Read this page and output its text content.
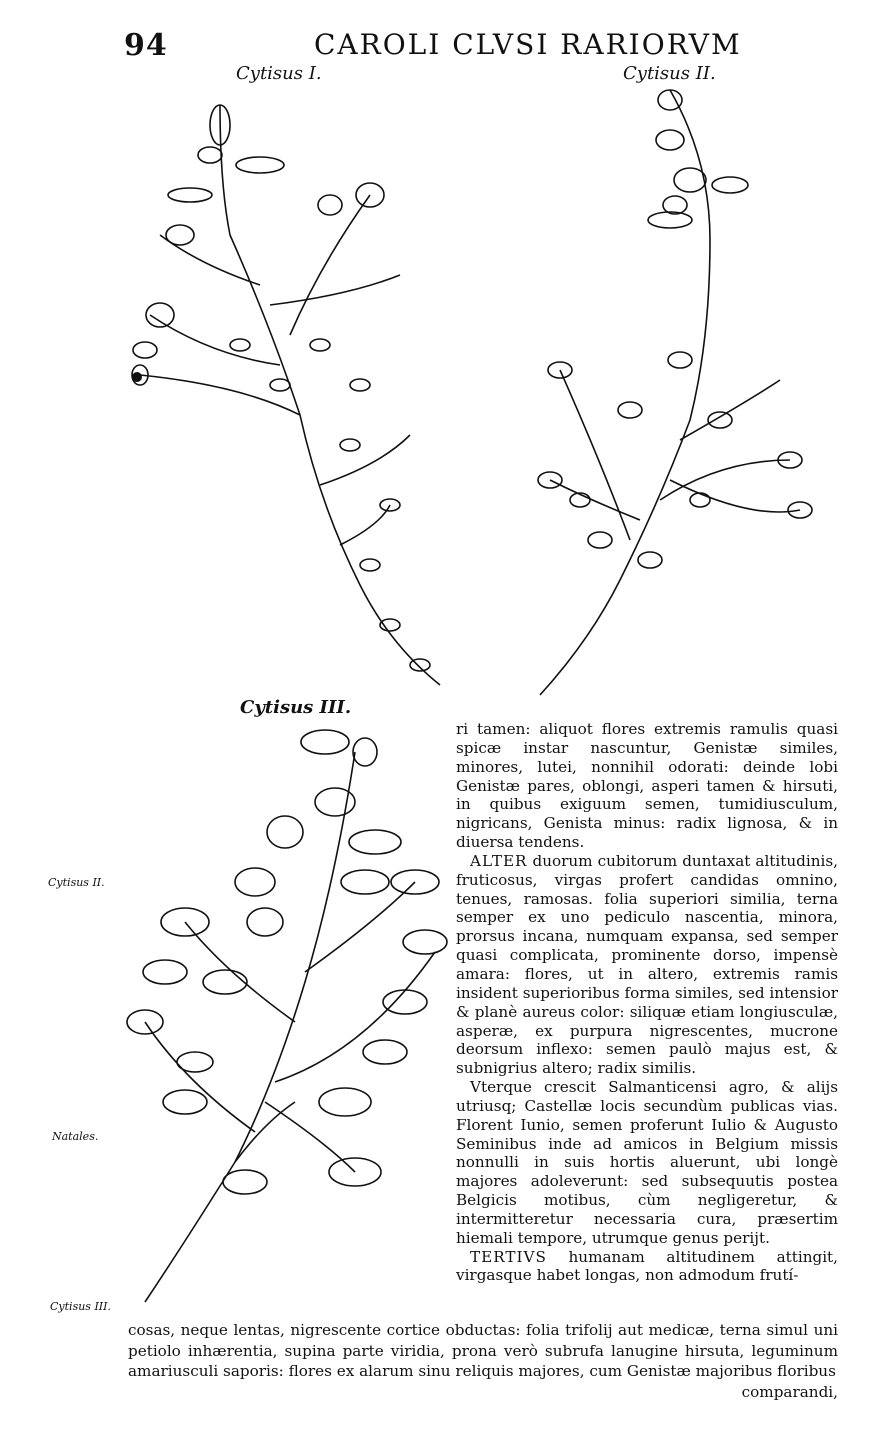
94	CAROLI CLVSI RARIORVM
Cytisus I.	Cytisus II.
Cytisus III.
Cytisus II.
Natales.
Cytisus III.

ri tamen: aliquot flores extremis ramulis quasi spicæ instar nascuntur, Genistæ similes, minores, lutei, nonnihil odorati: deinde lobi Genistæ pares, oblongi, asperi tamen & hirsuti, in quibus exiguum semen, tumidiusculum, nigricans, Genista minus: radix lignosa, & in diuersa tendens.

ALTER duorum cubitorum duntaxat altitudinis, fruticosus, virgas profert candidas omnino, tenues, ramosas. folia superiori similia, terna semper ex uno pediculo nascentia, minora, prorsus incana, numquam expansa, sed semper quasi complicata, prominente dorso, impensè amara: flores, ut in altero, extremis ramis insident superioribus forma similes, sed intensior & planè aureus color: siliquæ etiam longiusculæ, asperæ, ex purpura nigrescentes, mucrone deorsum inflexo: semen paulò majus est, & subnigrius altero; radix similis.

Vterque crescit Salmanticensi agro, & alijs utriusq; Castellæ locis secundùm publicas vias. Florent Iunio, semen proferunt Iulio & Augusto Seminibus inde ad amicos in Belgium missis nonnulli in suis hortis aluerunt, ubi longè majores adoleverunt: sed subsequutis postea Belgicis motibus, cùm negligeretur, & intermitteretur necessaria cura, præsertim hiemali tempore, utrumque genus perijt.

TERTIVS humanam altitudinem attingit, virgasque habet longas, non admodum frutí-

cosas, neque lentas, nigrescente cortice obductas: folia trifolij aut medicæ, terna simul uni petiolo inhærentia, supina parte viridia, prona verò subrufa lanugine hirsuta, leguminum amariusculi saporis: flores ex alarum sinu reliquis majores, cum Genistæ majoribus floribus
comparandi,
